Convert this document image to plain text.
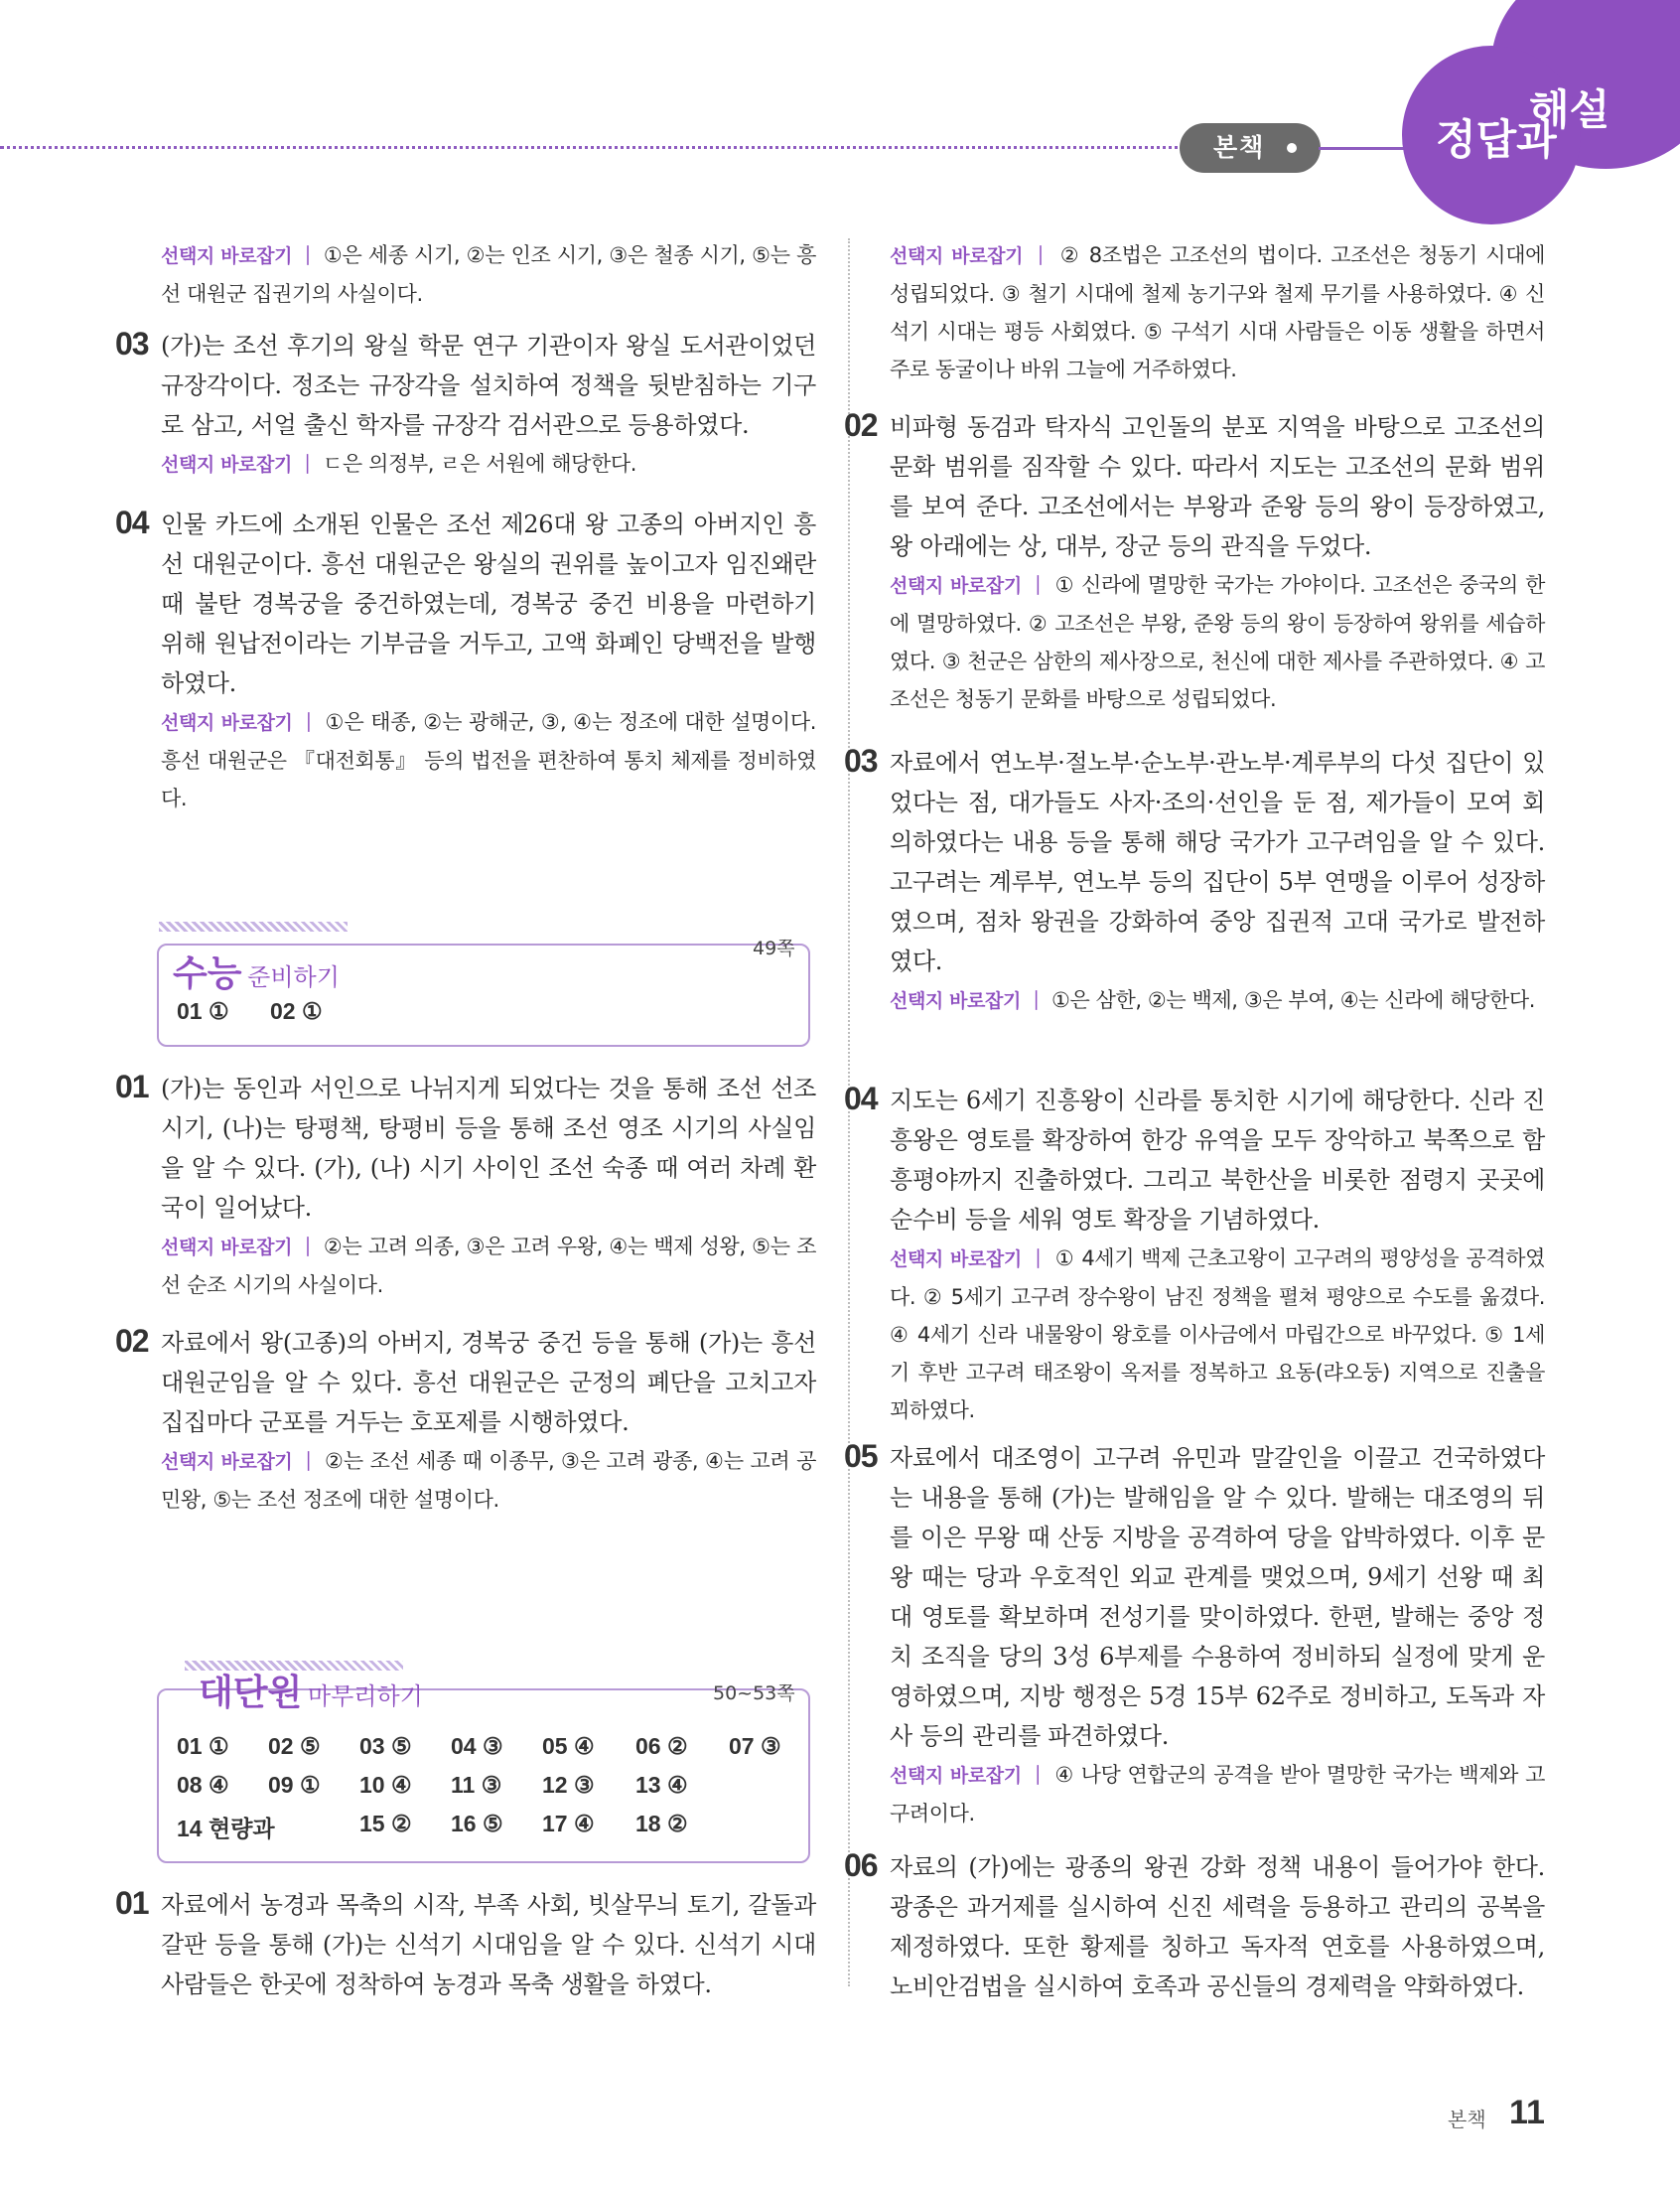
본책	정답과
해설
선택지 바로잡기 ｜ ①은 세종 시기, ②는 인조 시기, ③은 철종 시기, ⑤는 흥선 대원군 집권기의 사실이다.
03 (가)는 조선 후기의 왕실 학문 연구 기관이자 왕실 도서관이었던 규장각이다. 정조는 규장각을 설치하여 정책을 뒷받침하는 기구로 삼고, 서얼 출신 학자를 규장각 검서관으로 등용하였다.
선택지 바로잡기 ｜ ㄷ은 의정부, ㄹ은 서원에 해당한다.
04 인물 카드에 소개된 인물은 조선 제26대 왕 고종의 아버지인 흥선 대원군이다. 흥선 대원군은 왕실의 권위를 높이고자 임진왜란 때 불탄 경복궁을 중건하였는데, 경복궁 중건 비용을 마련하기 위해 원납전이라는 기부금을 거두고, 고액 화폐인 당백전을 발행하였다.
선택지 바로잡기 ｜ ①은 태종, ②는 광해군, ③, ④는 정조에 대한 설명이다. 흥선 대원군은 『대전회통』 등의 법전을 편찬하여 통치 체제를 정비하였다.
수능 준비하기
49쪽
01 ① 02 ①
01 (가)는 동인과 서인으로 나뉘지게 되었다는 것을 통해 조선 선조 시기, (나)는 탕평책, 탕평비 등을 통해 조선 영조 시기의 사실임을 알 수 있다. (가), (나) 시기 사이인 조선 숙종 때 여러 차례 환국이 일어났다.
선택지 바로잡기 ｜ ②는 고려 의종, ③은 고려 우왕, ④는 백제 성왕, ⑤는 조선 순조 시기의 사실이다.
02 자료에서 왕(고종)의 아버지, 경복궁 중건 등을 통해 (가)는 흥선 대원군임을 알 수 있다. 흥선 대원군은 군정의 폐단을 고치고자 집집마다 군포를 거두는 호포제를 시행하였다.
선택지 바로잡기 ｜ ②는 조선 세종 때 이종무, ③은 고려 광종, ④는 고려 공민왕, ⑤는 조선 정조에 대한 설명이다.
대단원 마무리하기	50~53쪽
01 ① 02 ⑤ 03 ⑤ 04 ③ 05 ④ 06 ② 07 ③
08 ④ 09 ① 10 ④ 11 ③ 12 ③ 13 ④
14 현량과	15 ② 16 ⑤ 17 ④ 18 ②
01 자료에서 농경과 목축의 시작, 부족 사회, 빗살무늬 토기, 갈돌과 갈판 등을 통해 (가)는 신석기 시대임을 알 수 있다. 신석기 시대 사람들은 한곳에 정착하여 농경과 목축 생활을 하였다.
선택지 바로잡기 ｜ ② 8조법은 고조선의 법이다. 고조선은 청동기 시대에 성립되었다. ③ 철기 시대에 철제 농기구와 철제 무기를 사용하였다. ④ 신석기 시대는 평등 사회였다. ⑤ 구석기 시대 사람들은 이동 생활을 하면서 주로 동굴이나 바위 그늘에 거주하였다.
02 비파형 동검과 탁자식 고인돌의 분포 지역을 바탕으로 고조선의 문화 범위를 짐작할 수 있다. 따라서 지도는 고조선의 문화 범위를 보여 준다. 고조선에서는 부왕과 준왕 등의 왕이 등장하였고, 왕 아래에는 상, 대부, 장군 등의 관직을 두었다.
선택지 바로잡기 ｜ ① 신라에 멸망한 국가는 가야이다. 고조선은 중국의 한에 멸망하였다. ② 고조선은 부왕, 준왕 등의 왕이 등장하여 왕위를 세습하였다. ③ 천군은 삼한의 제사장으로, 천신에 대한 제사를 주관하였다. ④ 고조선은 청동기 문화를 바탕으로 성립되었다.
03 자료에서 연노부·절노부·순노부·관노부·계루부의 다섯 집단이 있었다는 점, 대가들도 사자·조의·선인을 둔 점, 제가들이 모여 회의하였다는 내용 등을 통해 해당 국가가 고구려임을 알 수 있다. 고구려는 계루부, 연노부 등의 집단이 5부 연맹을 이루어 성장하였으며, 점차 왕권을 강화하여 중앙 집권적 고대 국가로 발전하였다.
선택지 바로잡기 ｜ ①은 삼한, ②는 백제, ③은 부여, ④는 신라에 해당한다.
04 지도는 6세기 진흥왕이 신라를 통치한 시기에 해당한다. 신라 진흥왕은 영토를 확장하여 한강 유역을 모두 장악하고 북쪽으로 함흥평야까지 진출하였다. 그리고 북한산을 비롯한 점령지 곳곳에 순수비 등을 세워 영토 확장을 기념하였다.
선택지 바로잡기 ｜ ① 4세기 백제 근초고왕이 고구려의 평양성을 공격하였다. ② 5세기 고구려 장수왕이 남진 정책을 펼쳐 평양으로 수도를 옮겼다. ④ 4세기 신라 내물왕이 왕호를 이사금에서 마립간으로 바꾸었다. ⑤ 1세기 후반 고구려 태조왕이 옥저를 정복하고 요동(랴오둥) 지역으로 진출을 꾀하였다.
05 자료에서 대조영이 고구려 유민과 말갈인을 이끌고 건국하였다는 내용을 통해 (가)는 발해임을 알 수 있다. 발해는 대조영의 뒤를 이은 무왕 때 산둥 지방을 공격하여 당을 압박하였다. 이후 문왕 때는 당과 우호적인 외교 관계를 맺었으며, 9세기 선왕 때 최대 영토를 확보하며 전성기를 맞이하였다. 한편, 발해는 중앙 정치 조직을 당의 3성 6부제를 수용하여 정비하되 실정에 맞게 운영하였으며, 지방 행정은 5경 15부 62주로 정비하고, 도독과 자사 등의 관리를 파견하였다.
선택지 바로잡기 ｜ ④ 나당 연합군의 공격을 받아 멸망한 국가는 백제와 고구려이다.
06 자료의 (가)에는 광종의 왕권 강화 정책 내용이 들어가야 한다. 광종은 과거제를 실시하여 신진 세력을 등용하고 관리의 공복을 제정하였다. 또한 황제를 칭하고 독자적 연호를 사용하였으며, 노비안검법을 실시하여 호족과 공신들의 경제력을 약화하였다.
본책 11
